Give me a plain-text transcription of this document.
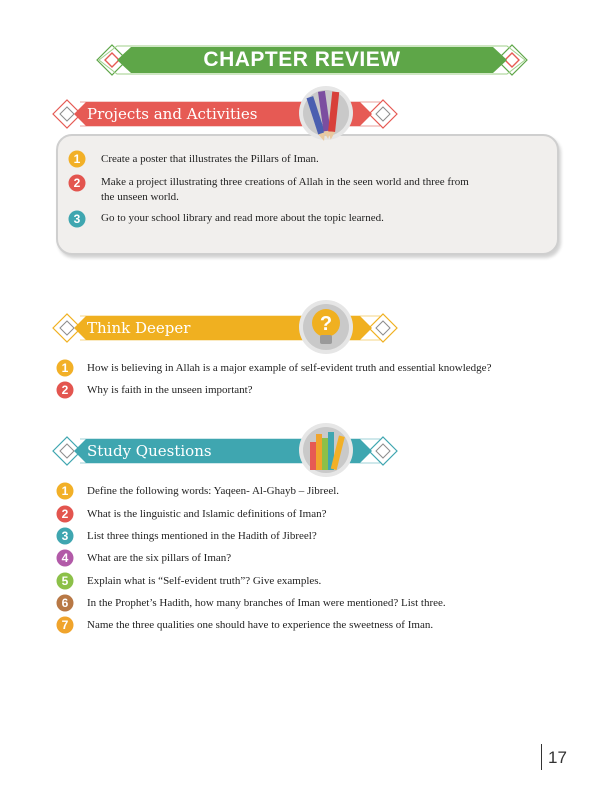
CHAPTER REVIEW
Projects and Activities
1 Create a poster that illustrates the Pillars of Iman.
2 Make a project illustrating three creations of Allah in the seen world and three from
the unseen world.
3 Go to your school library and read more about the topic learned.
Think Deeper	?
1 How is believing in Allah is a major example of self-evident truth and essential knowledge?
2 Why is faith in the unseen important?
Study Questions
1 Define the following words: Yaqeen- Al-Ghayb – Jibreel.
2 What is the linguistic and Islamic definitions of Iman?
3 List three things mentioned in the Hadith of Jibreel?
4 What are the six pillars of Iman?
5 Explain what is “Self-evident truth”? Give examples.
6 In the Prophet’s Hadith, how many branches of Iman were mentioned? List three.
7 Name the three qualities one should have to experience the sweetness of Iman.
17
